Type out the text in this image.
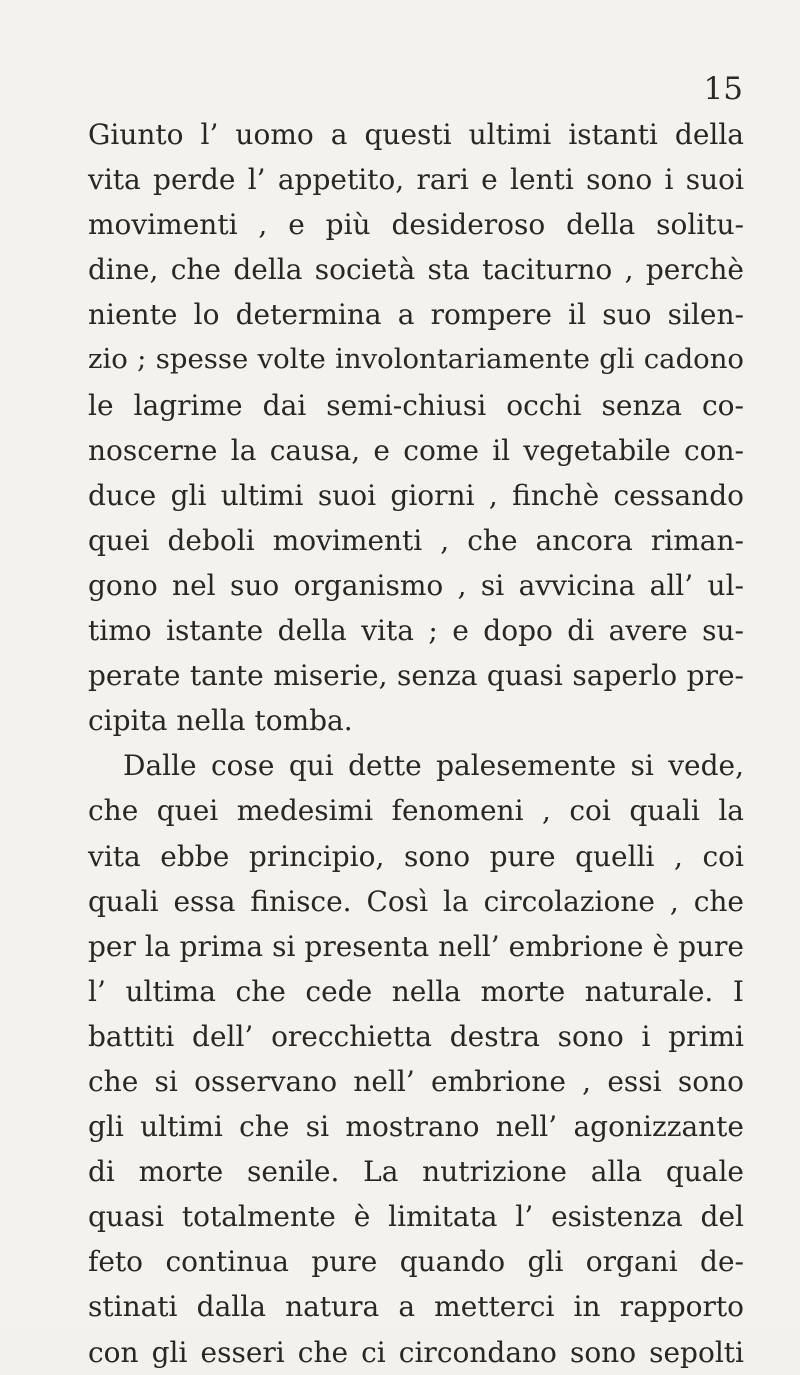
15
Giunto l’ uomo a questi ultimi istanti della
vita perde l’ appetito, rari e lenti sono i suoi
movimenti , e più desideroso della solitu-
dine, che della società sta taciturno , perchè
niente lo determina a rompere il suo silen-
zio ; spesse volte involontariamente gli cadono
le lagrime dai semi-chiusi occhi senza co-
noscerne la causa, e come il vegetabile con-
duce gli ultimi suoi giorni , finchè cessando
quei deboli movimenti , che ancora riman-
gono nel suo organismo , si avvicina all’ ul-
timo istante della vita ; e dopo di avere su-
perate tante miserie, senza quasi saperlo pre-
cipita nella tomba.
Dalle cose qui dette palesemente si vede,
che quei medesimi fenomeni , coi quali la
vita ebbe principio, sono pure quelli , coi
quali essa finisce. Così la circolazione , che
per la prima si presenta nell’ embrione è pure
l’ ultima che cede nella morte naturale. I
battiti dell’ orecchietta destra sono i primi
che si osservano nell’ embrione , essi sono
gli ultimi che si mostrano nell’ agonizzante
di morte senile. La nutrizione alla quale
quasi totalmente è limitata l’ esistenza del
feto continua pure quando gli organi de-
stinati dalla natura a metterci in rapporto
con gli esseri che ci circondano sono sepolti
